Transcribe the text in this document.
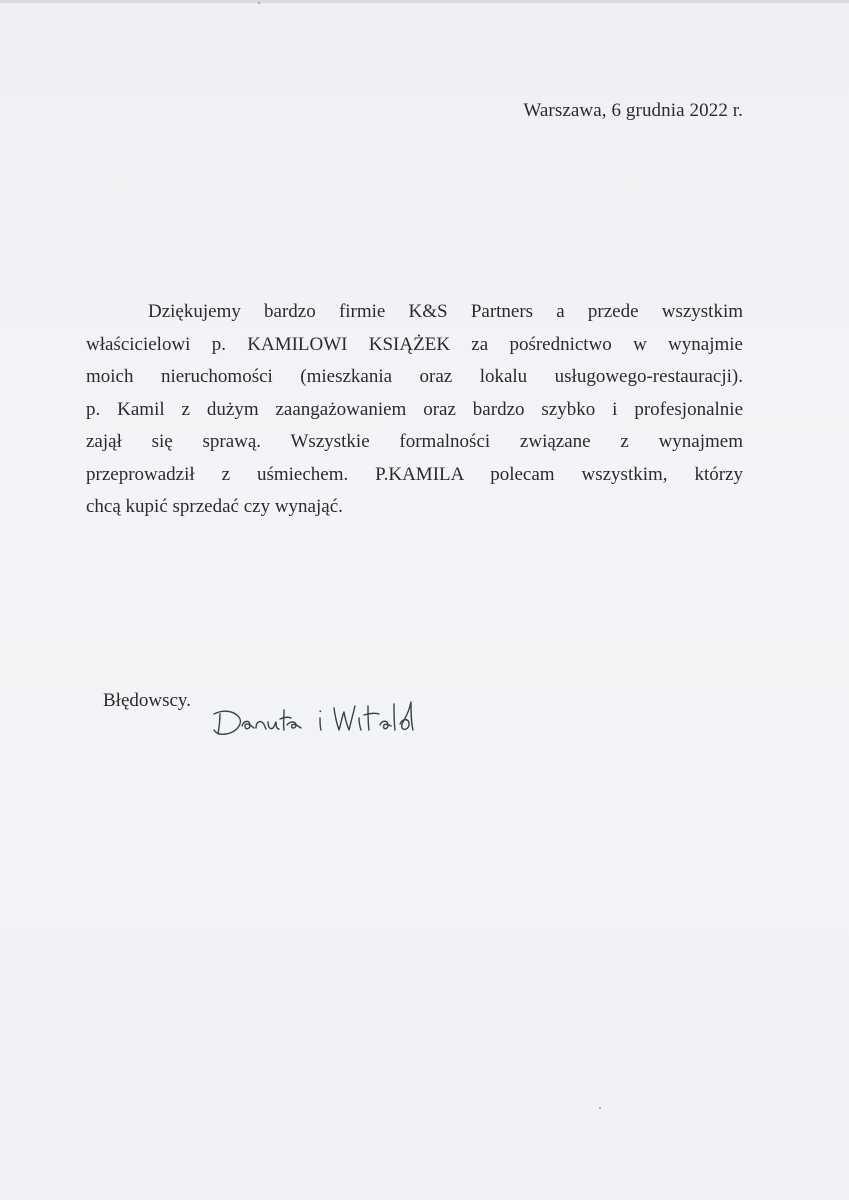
Warszawa, 6 grudnia 2022 r.
Dziękujemy bardzo firmie K&S Partners a przede wszystkim
właścicielowi p. KAMILOWI KSIĄŻEK za pośrednictwo w wynajmie
moich nieruchomości (mieszkania oraz lokalu usługowego-restauracji).
p. Kamil z dużym zaangażowaniem oraz bardzo szybko i profesjonalnie
zajął się sprawą. Wszystkie formalności związane z wynajmem
przeprowadził z uśmiechem. P.KAMILA polecam wszystkim, którzy
chcą kupić sprzedać czy wynająć.
Błędowscy.
